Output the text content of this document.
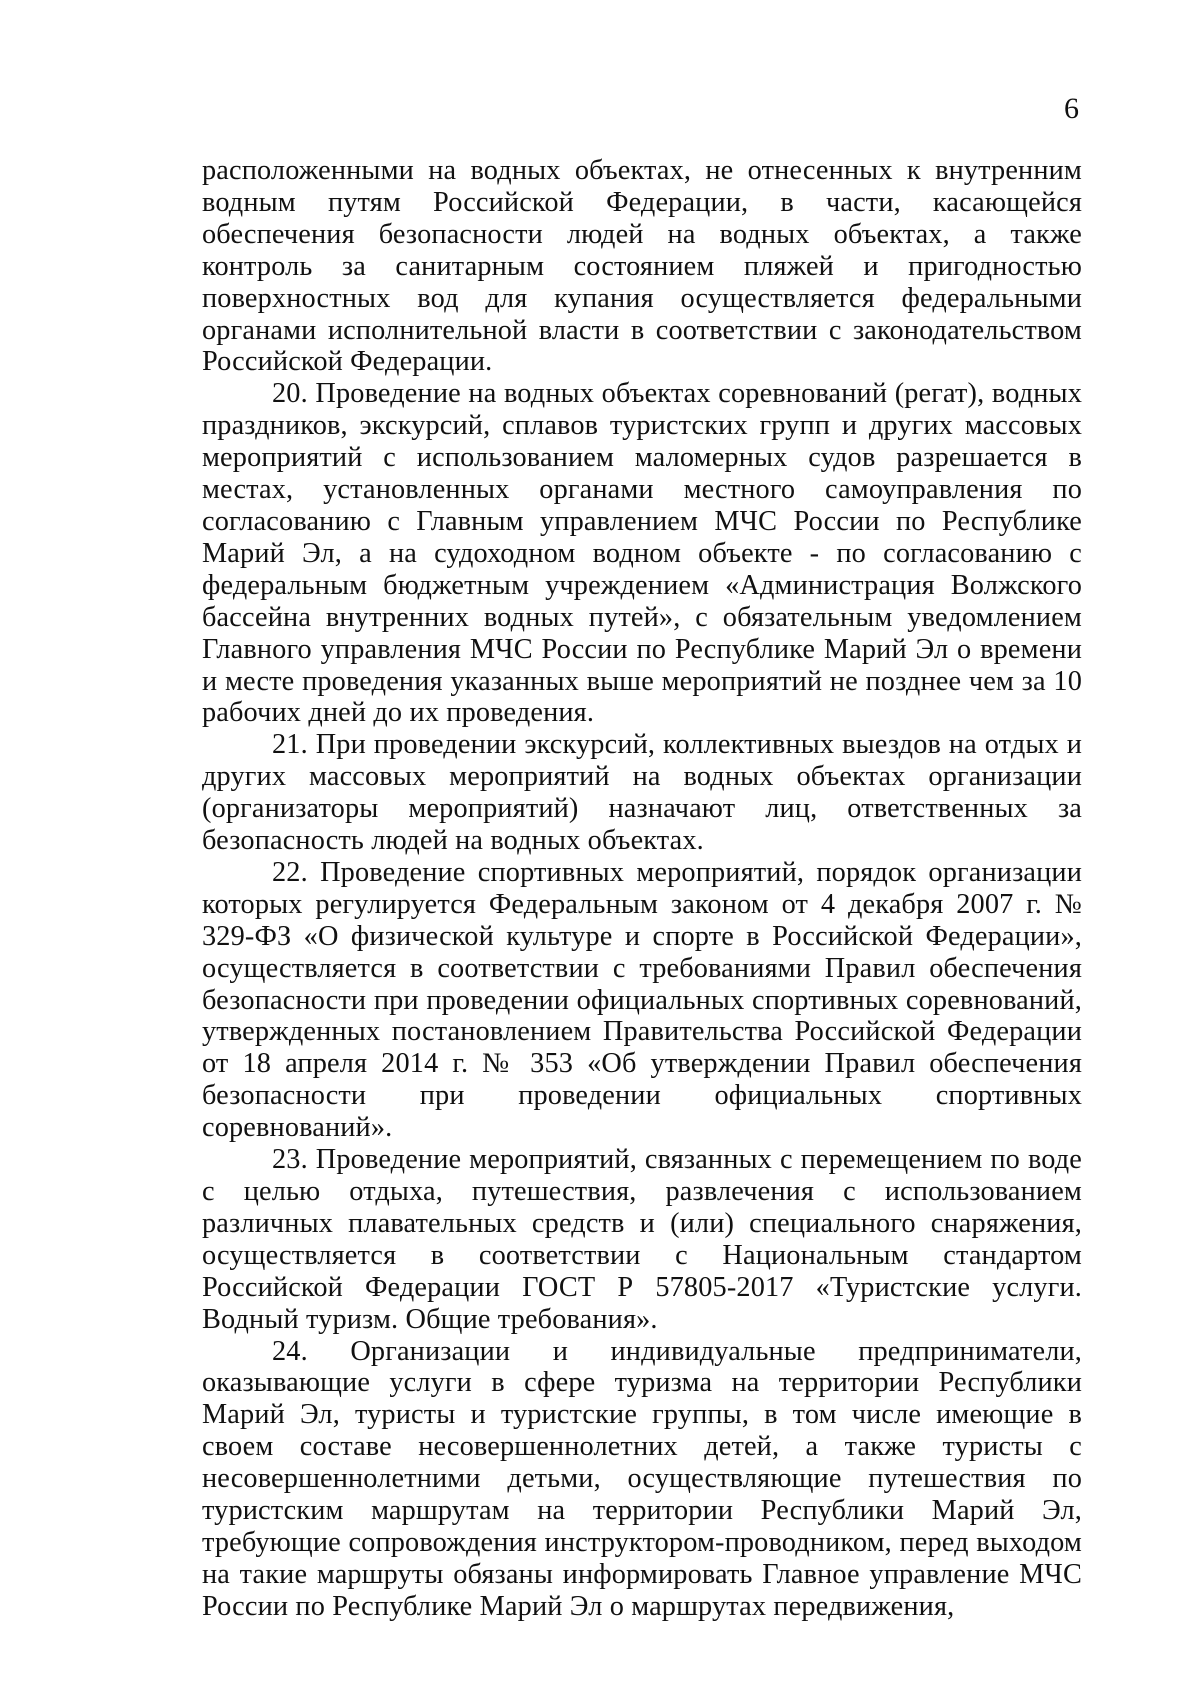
6

расположенными на водных объектах, не отнесенных к внутренним водным путям Российской Федерации, в части, касающейся обеспечения безопасности людей на водных объектах, а также контроль за санитарным состоянием пляжей и пригодностью поверхностных вод для купания осуществляется федеральными органами исполнительной власти в соответствии с законодательством Российской Федерации.

20. Проведение на водных объектах соревнований (регат), водных праздников, экскурсий, сплавов туристских групп и других массовых мероприятий с использованием маломерных судов разрешается в местах, установленных органами местного самоуправления по согласованию с Главным управлением МЧС России по Республике Марий Эл, а на судоходном водном объекте - по согласованию с федеральным бюджетным учреждением «Администрация Волжского бассейна внутренних водных путей», с обязательным уведомлением Главного управления МЧС России по Республике Марий Эл о времени и месте проведения указанных выше мероприятий не позднее чем за 10 рабочих дней до их проведения.

21. При проведении экскурсий, коллективных выездов на отдых и других массовых мероприятий на водных объектах организации (организаторы мероприятий) назначают лиц, ответственных за безопасность людей на водных объектах.

22. Проведение спортивных мероприятий, порядок организации которых регулируется Федеральным законом от 4 декабря 2007 г. № 329-ФЗ «О физической культуре и спорте в Российской Федерации», осуществляется в соответствии с требованиями Правил обеспечения безопасности при проведении официальных спортивных соревнований, утвержденных постановлением Правительства Российской Федерации от 18 апреля 2014 г. № 353 «Об утверждении Правил обеспечения безопасности при проведении официальных спортивных соревнований».

23. Проведение мероприятий, связанных с перемещением по воде с целью отдыха, путешествия, развлечения с использованием различных плавательных средств и (или) специального снаряжения, осуществляется в соответствии с Национальным стандартом Российской Федерации ГОСТ Р 57805-2017 «Туристские услуги. Водный туризм. Общие требования».

24. Организации и индивидуальные предприниматели, оказывающие услуги в сфере туризма на территории Республики Марий Эл, туристы и туристские группы, в том числе имеющие в своем составе несовершеннолетних детей, а также туристы с несовершеннолетними детьми, осуществляющие путешествия по туристским маршрутам на территории Республики Марий Эл, требующие сопровождения инструктором-проводником, перед выходом на такие маршруты обязаны информировать Главное управление МЧС России по Республике Марий Эл о маршрутах передвижения,
